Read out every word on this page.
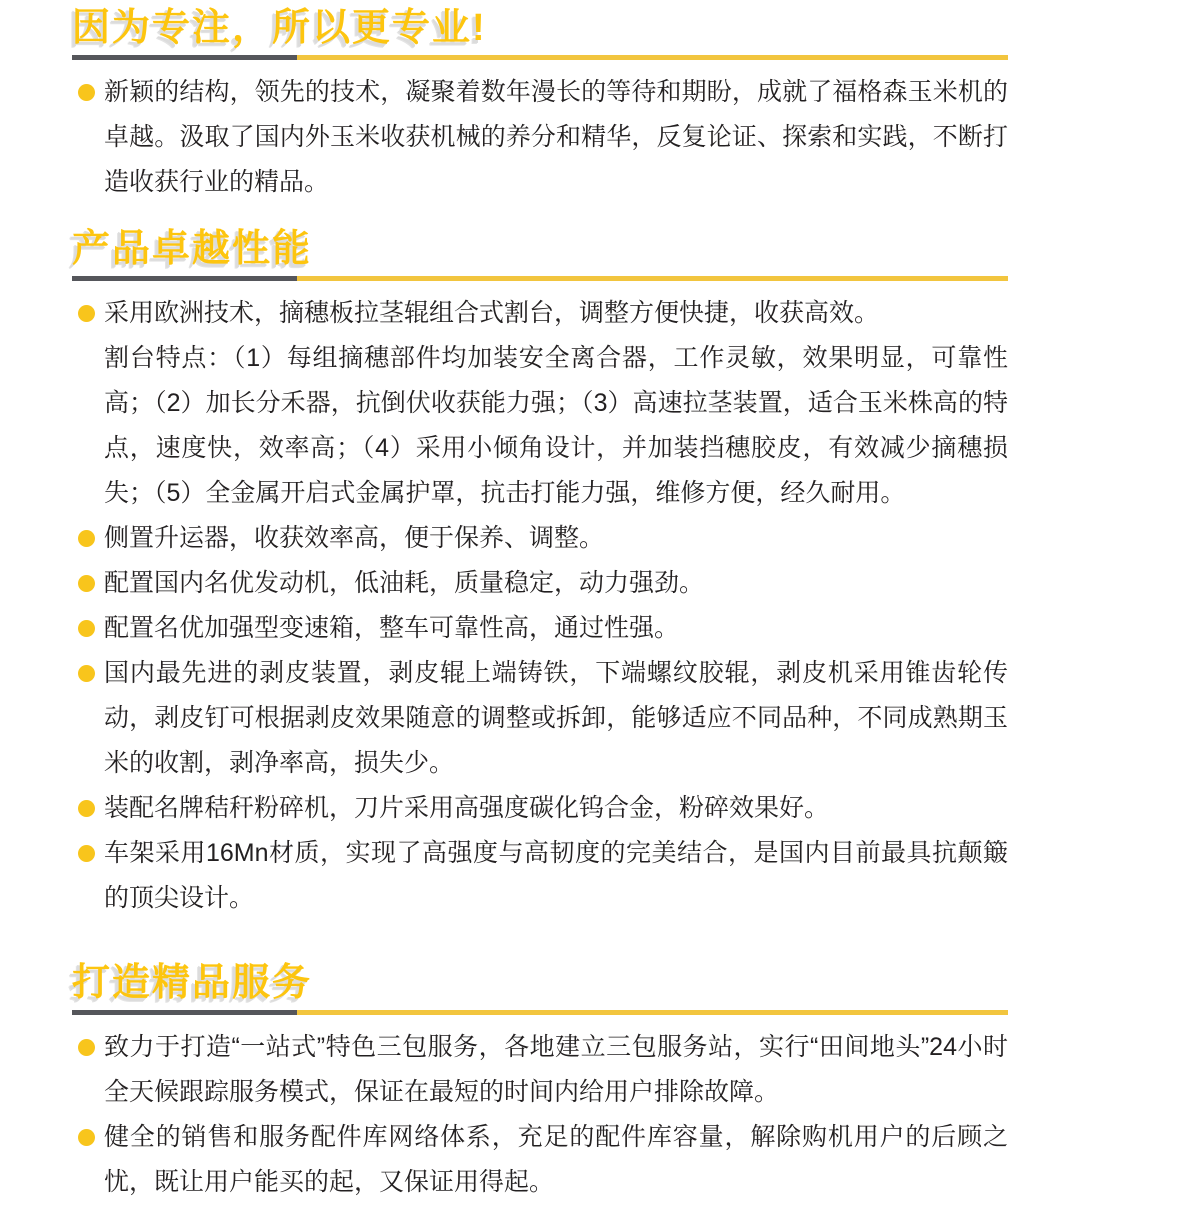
因为专注，所以更专业!
新颖的结构，领先的技术，凝聚着数年漫长的等待和期盼，成就了福格森玉米机的卓越。汲取了国内外玉米收获机械的养分和精华，反复论证、探索和实践，不断打造收获行业的精品。
产品卓越性能
采用欧洲技术，摘穗板拉茎辊组合式割台，调整方便快捷，收获高效。
割台特点：（1）每组摘穗部件均加装安全离合器，工作灵敏，效果明显，可靠性高；（2）加长分禾器，抗倒伏收获能力强；（3）高速拉茎装置，适合玉米株高的特点，速度快，效率高；（4）采用小倾角设计，并加装挡穗胶皮，有效减少摘穗损失；（5）全金属开启式金属护罩，抗击打能力强，维修方便，经久耐用。
侧置升运器，收获效率高，便于保养、调整。
配置国内名优发动机，低油耗，质量稳定，动力强劲。
配置名优加强型变速箱，整车可靠性高，通过性强。
国内最先进的剥皮装置，剥皮辊上端铸铁，下端螺纹胶辊，剥皮机采用锥齿轮传动，剥皮钉可根据剥皮效果随意的调整或拆卸，能够适应不同品种，不同成熟期玉米的收割，剥净率高，损失少。
装配名牌秸秆粉碎机，刀片采用高强度碳化钨合金，粉碎效果好。
车架采用16Mn材质，实现了高强度与高韧度的完美结合，是国内目前最具抗颠簸的顶尖设计。
打造精品服务
致力于打造“一站式”特色三包服务，各地建立三包服务站，实行“田间地头”24小时全天候跟踪服务模式，保证在最短的时间内给用户排除故障。
健全的销售和服务配件库网络体系，充足的配件库容量，解除购机用户的后顾之忧，既让用户能买的起，又保证用得起。
